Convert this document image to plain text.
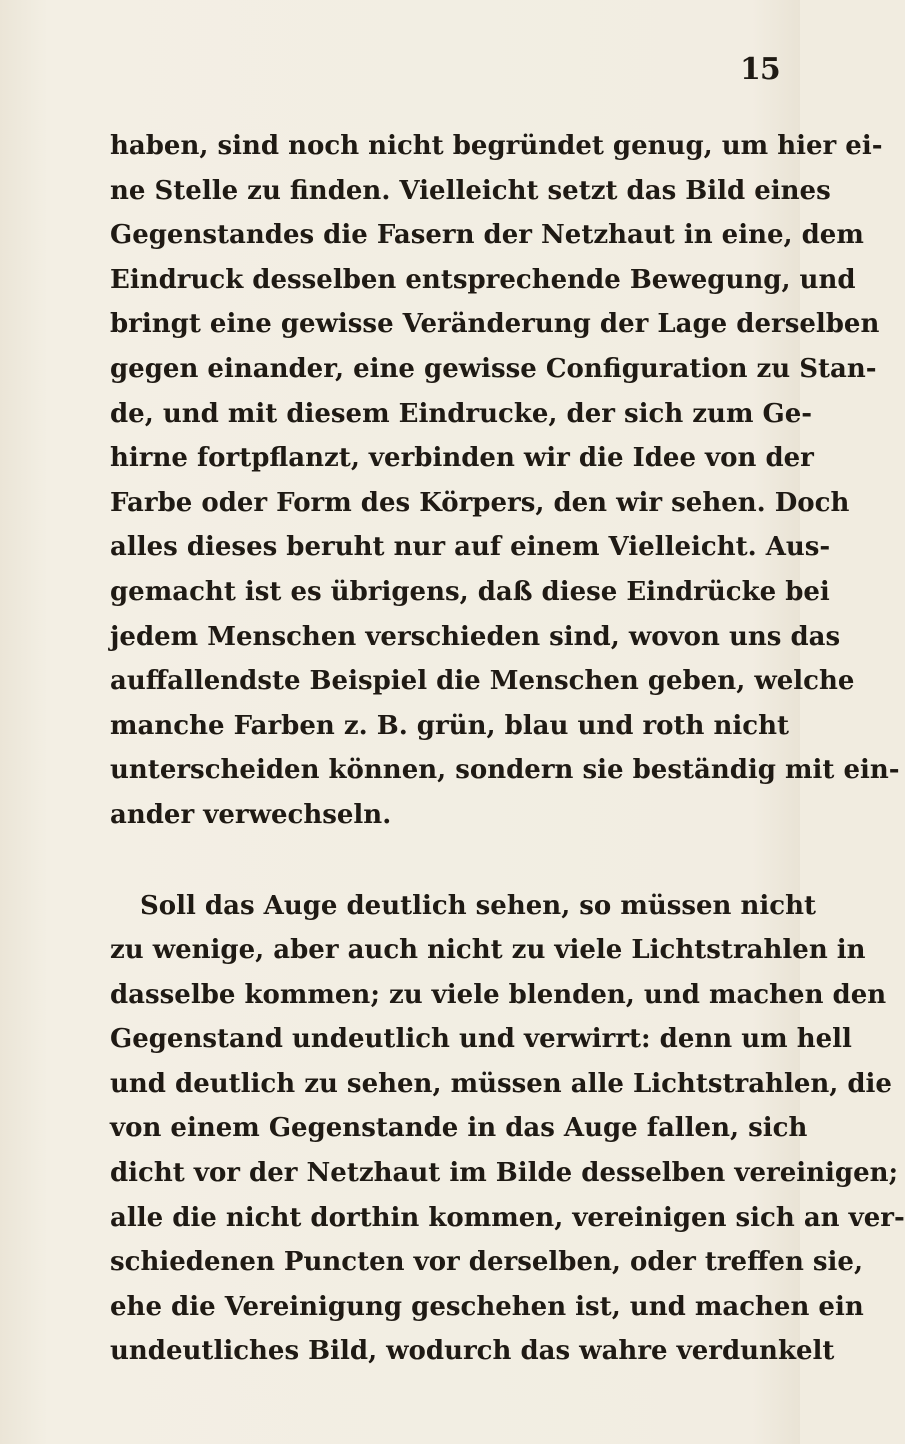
15
haben, sind noch nicht begründet genug, um hier ei-
ne Stelle zu finden. Vielleicht setzt das Bild eines
Gegenstandes die Fasern der Netzhaut in eine, dem
Eindruck desselben entsprechende Bewegung, und
bringt eine gewisse Veränderung der Lage derselben
gegen einander, eine gewisse Configuration zu Stan-
de, und mit diesem Eindrucke, der sich zum Ge-
hirne fortpflanzt, verbinden wir die Idee von der
Farbe oder Form des Körpers, den wir sehen. Doch
alles dieses beruht nur auf einem Vielleicht. Aus-
gemacht ist es übrigens, daß diese Eindrücke bei
jedem Menschen verschieden sind, wovon uns das
auffallendste Beispiel die Menschen geben, welche
manche Farben z. B. grün, blau und roth nicht
unterscheiden können, sondern sie beständig mit ein-
ander verwechseln.
Soll das Auge deutlich sehen, so müssen nicht
zu wenige, aber auch nicht zu viele Lichtstrahlen in
dasselbe kommen; zu viele blenden, und machen den
Gegenstand undeutlich und verwirrt: denn um hell
und deutlich zu sehen, müssen alle Lichtstrahlen, die
von einem Gegenstande in das Auge fallen, sich
dicht vor der Netzhaut im Bilde desselben vereinigen;
alle die nicht dorthin kommen, vereinigen sich an ver-
schiedenen Puncten vor derselben, oder treffen sie,
ehe die Vereinigung geschehen ist, und machen ein
undeutliches Bild, wodurch das wahre verdunkelt
